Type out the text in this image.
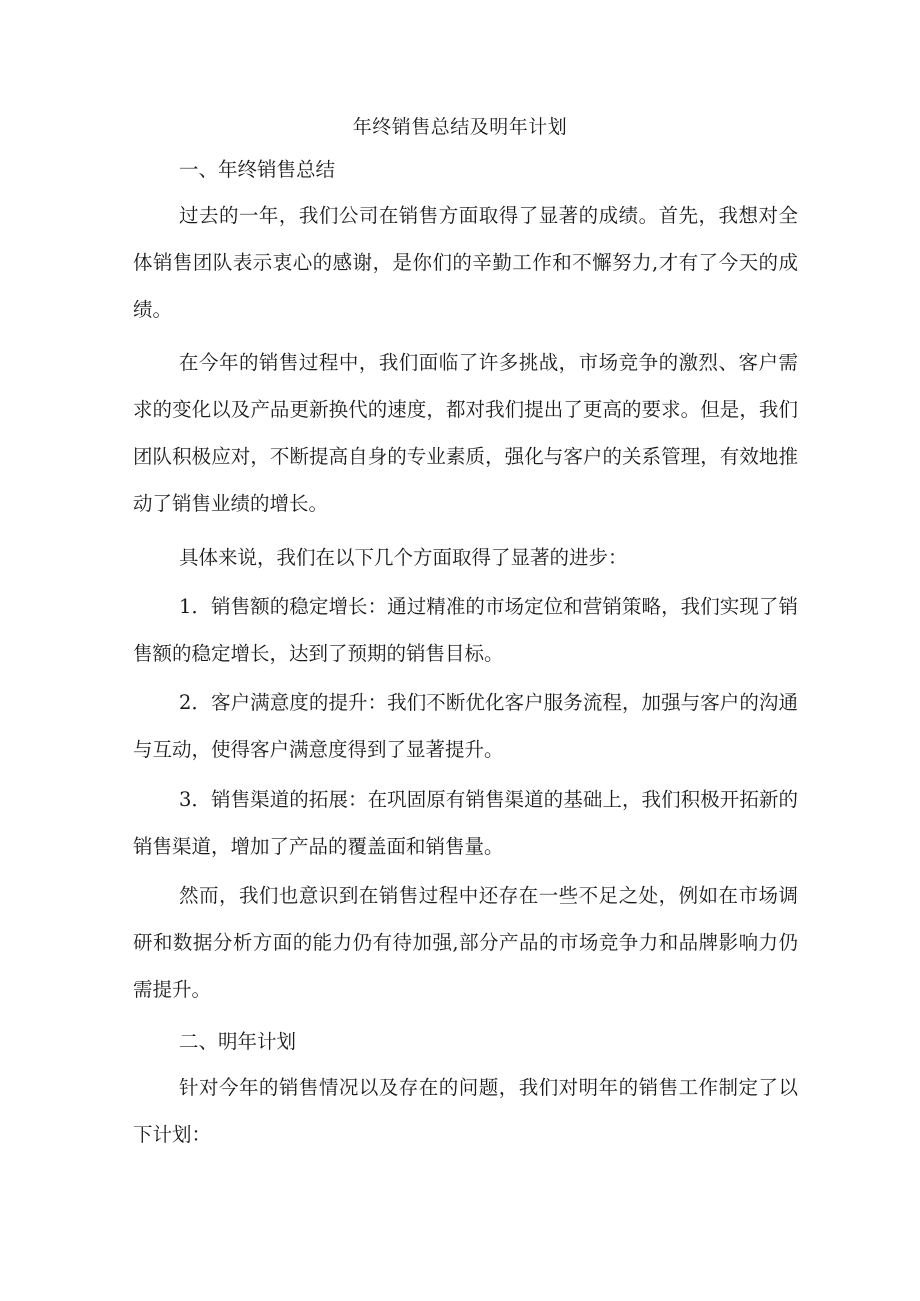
年终销售总结及明年计划

一、年终销售总结

过去的一年，我们公司在销售方面取得了显著的成绩。首先，我想对全体销售团队表示衷心的感谢，是你们的辛勤工作和不懈努力,才有了今天的成绩。

在今年的销售过程中，我们面临了许多挑战，市场竞争的激烈、客户需求的变化以及产品更新换代的速度，都对我们提出了更高的要求。但是，我们团队积极应对，不断提高自身的专业素质，强化与客户的关系管理，有效地推动了销售业绩的增长。

具体来说，我们在以下几个方面取得了显著的进步：

1．销售额的稳定增长：通过精准的市场定位和营销策略，我们实现了销售额的稳定增长，达到了预期的销售目标。

2．客户满意度的提升：我们不断优化客户服务流程，加强与客户的沟通与互动，使得客户满意度得到了显著提升。

3．销售渠道的拓展：在巩固原有销售渠道的基础上，我们积极开拓新的销售渠道，增加了产品的覆盖面和销售量。

然而，我们也意识到在销售过程中还存在一些不足之处，例如在市场调研和数据分析方面的能力仍有待加强,部分产品的市场竞争力和品牌影响力仍需提升。

二、明年计划

针对今年的销售情况以及存在的问题，我们对明年的销售工作制定了以下计划：
